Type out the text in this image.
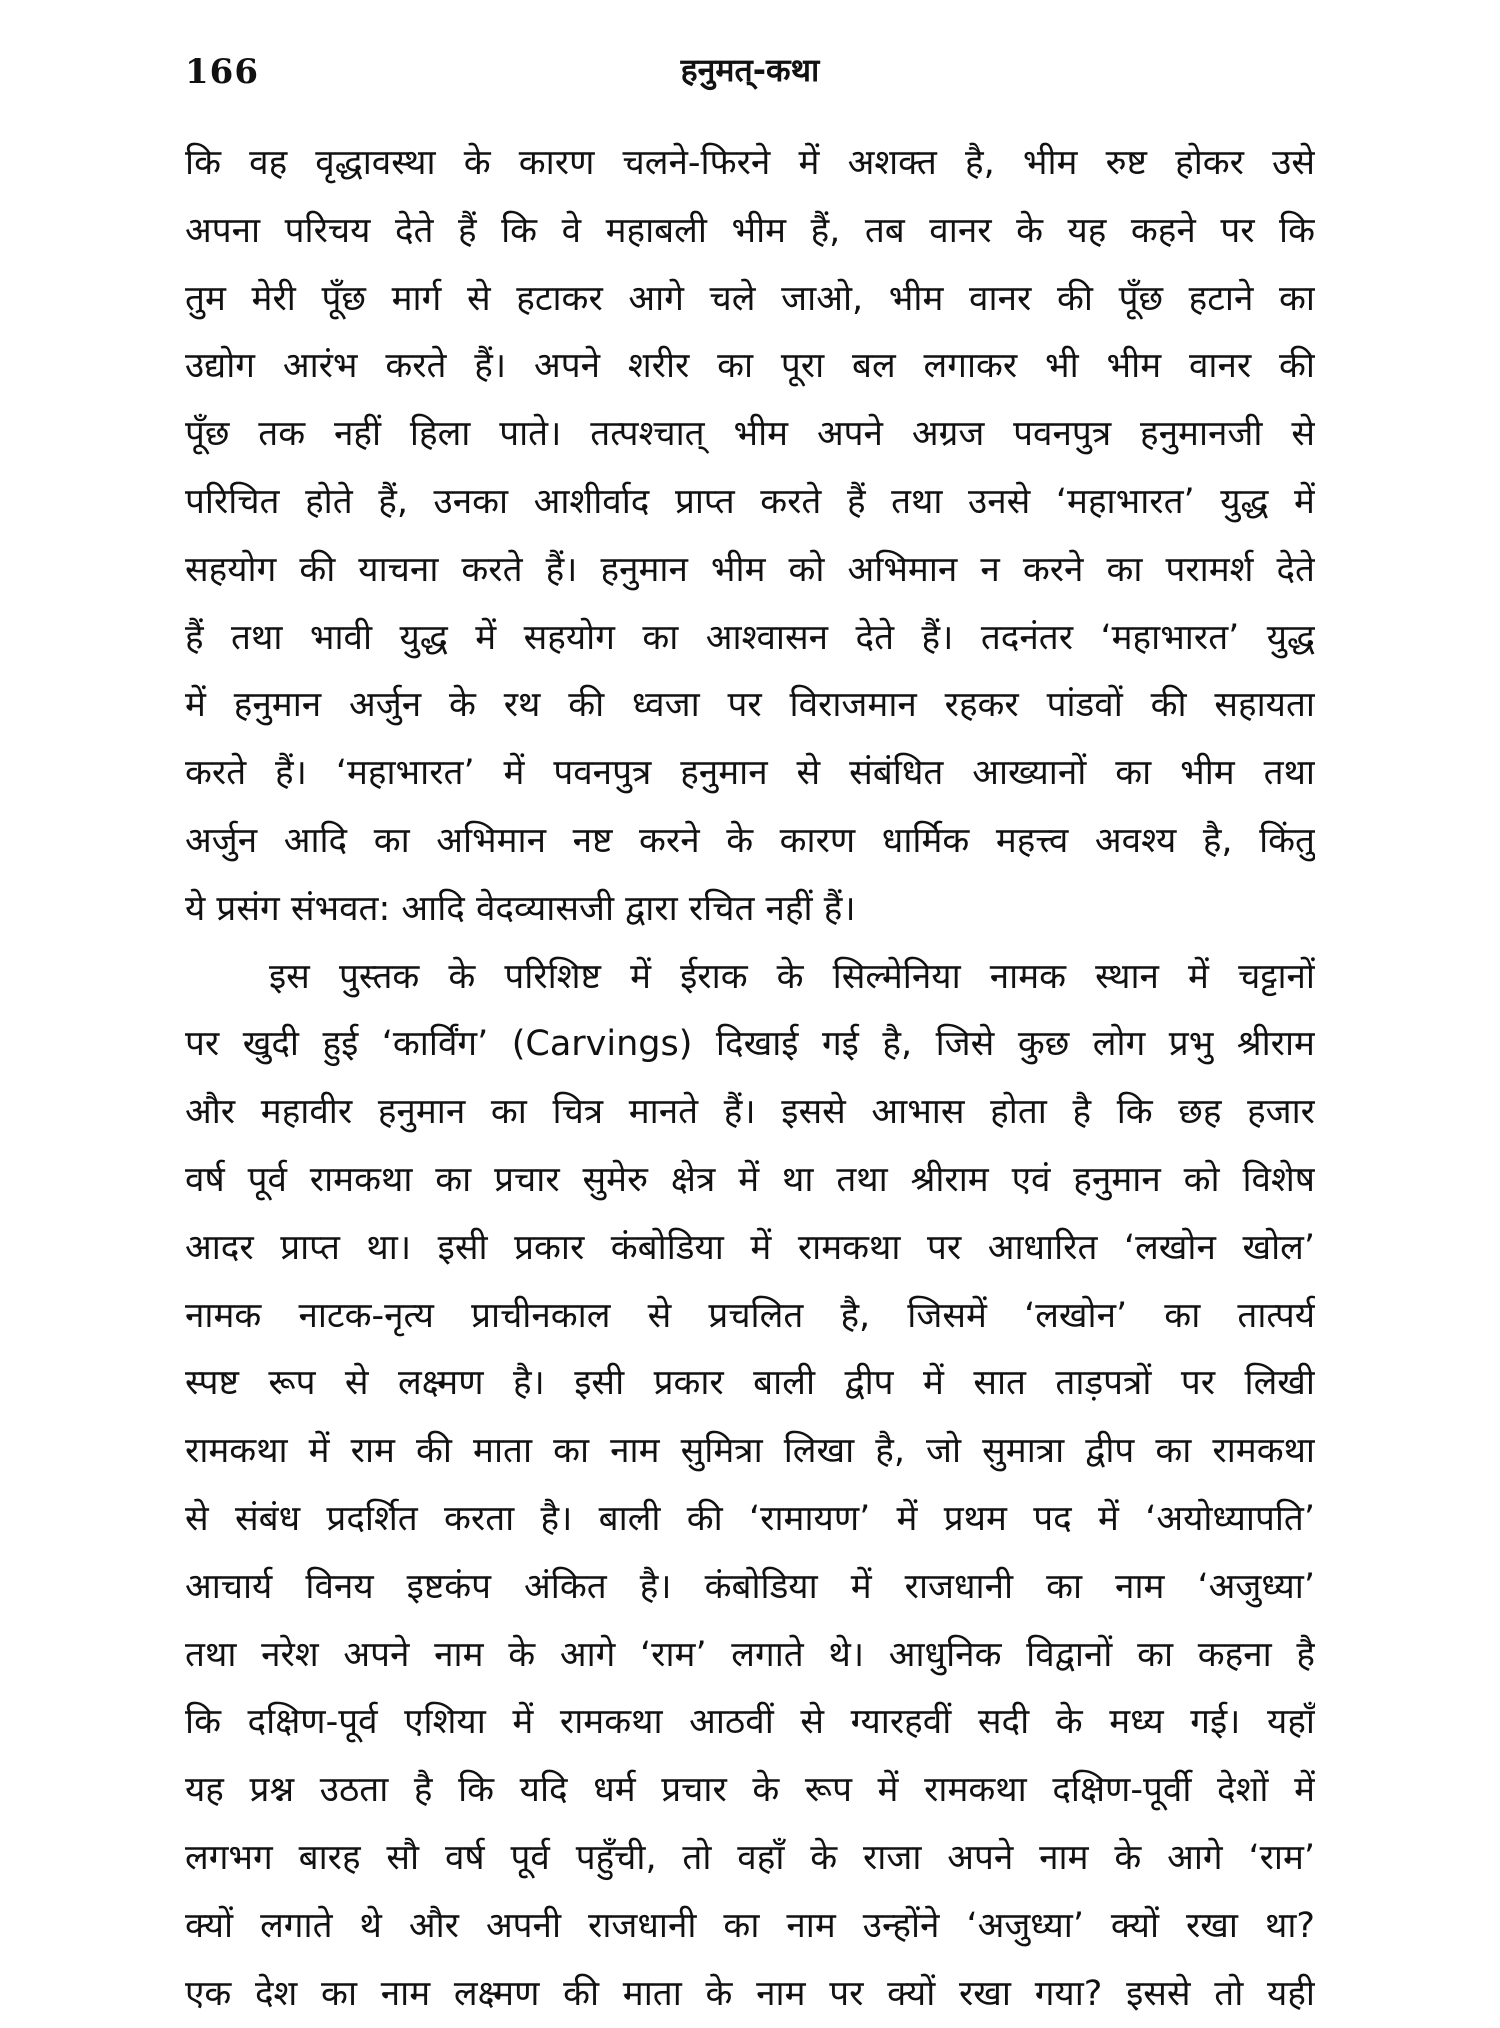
166	हनुमत्-कथा
कि वह वृद्धावस्था के कारण चलने-फिरने में अशक्त है, भीम रुष्ट होकर उसे
अपना परिचय देते हैं कि वे महाबली भीम हैं, तब वानर के यह कहने पर कि
तुम मेरी पूँछ मार्ग से हटाकर आगे चले जाओ, भीम वानर की पूँछ हटाने का
उद्योग आरंभ करते हैं। अपने शरीर का पूरा बल लगाकर भी भीम वानर की
पूँछ तक नहीं हिला पाते। तत्पश्चात् भीम अपने अग्रज पवनपुत्र हनुमानजी से
परिचित होते हैं, उनका आशीर्वाद प्राप्त करते हैं तथा उनसे ‘महाभारत’ युद्ध में
सहयोग की याचना करते हैं। हनुमान भीम को अभिमान न करने का परामर्श देते
हैं तथा भावी युद्ध में सहयोग का आश्वासन देते हैं। तदनंतर ‘महाभारत’ युद्ध
में हनुमान अर्जुन के रथ की ध्वजा पर विराजमान रहकर पांडवों की सहायता
करते हैं। ‘महाभारत’ में पवनपुत्र हनुमान से संबंधित आख्यानों का भीम तथा
अर्जुन आदि का अभिमान नष्ट करने के कारण धार्मिक महत्त्व अवश्य है, किंतु
ये प्रसंग संभवत: आदि वेदव्यासजी द्वारा रचित नहीं हैं।
इस पुस्तक के परिशिष्ट में ईराक के सिल्मेनिया नामक स्थान में चट्टानों
पर खुदी हुई ‘कार्विंग’ (Carvings) दिखाई गई है, जिसे कुछ लोग प्रभु श्रीराम
और महावीर हनुमान का चित्र मानते हैं। इससे आभास होता है कि छह हजार
वर्ष पूर्व रामकथा का प्रचार सुमेरु क्षेत्र में था तथा श्रीराम एवं हनुमान को विशेष
आदर प्राप्त था। इसी प्रकार कंबोडिया में रामकथा पर आधारित ‘लखोन खोल’
नामक नाटक-नृत्य प्राचीनकाल से प्रचलित है, जिसमें ‘लखोन’ का तात्पर्य
स्पष्ट रूप से लक्ष्मण है। इसी प्रकार बाली द्वीप में सात ताड़पत्रों पर लिखी
रामकथा में राम की माता का नाम सुमित्रा लिखा है, जो सुमात्रा द्वीप का रामकथा
से संबंध प्रदर्शित करता है। बाली की ‘रामायण’ में प्रथम पद में ‘अयोध्यापति’
आचार्य विनय इष्टकंप अंकित है। कंबोडिया में राजधानी का नाम ‘अजुध्या’
तथा नरेश अपने नाम के आगे ‘राम’ लगाते थे। आधुनिक विद्वानों का कहना है
कि दक्षिण-पूर्व एशिया में रामकथा आठवीं से ग्यारहवीं सदी के मध्य गई। यहाँ
यह प्रश्न उठता है कि यदि धर्म प्रचार के रूप में रामकथा दक्षिण-पूर्वी देशों में
लगभग बारह सौ वर्ष पूर्व पहुँची, तो वहाँ के राजा अपने नाम के आगे ‘राम’
क्यों लगाते थे और अपनी राजधानी का नाम उन्होंने ‘अजुध्या’ क्यों रखा था?
एक देश का नाम लक्ष्मण की माता के नाम पर क्यों रखा गया? इससे तो यही
